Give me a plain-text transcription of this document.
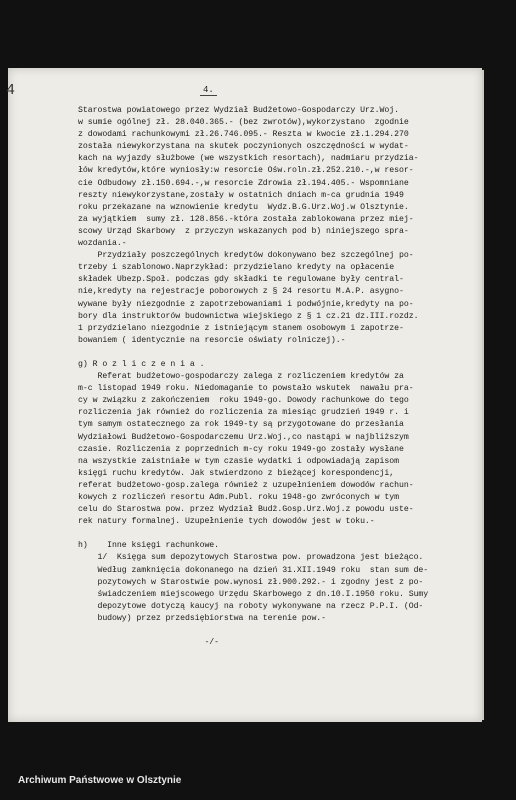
4	4.
Starostwa powiatowego przez Wydział Budżetowo-Gospodarczy Urz.Woj.
w sumie ogólnej zł. 28.040.365.- (bez zwrotów),wykorzystano  zgodnie
z dowodami rachunkowymi zł.26.746.095.- Reszta w kwocie zł.1.294.270
została niewykorzystana na skutek poczynionych oszczędności w wydat-
kach na wyjazdy służbowe (we wszystkich resortach), nadmiaru przydzia-
łów kredytów,które wyniosły:w resorcie Ośw.roln.zł.252.210.-,w resor-
cie Odbudowy zł.150.694.-,w resorcie Zdrowia zł.194.405.- Wspomniane
reszty niewykorzystane,zostały w ostatnich dniach m-ca grudnia 1949
roku przekazane na wznowienie kredytu  Wydz.B.G.Urz.Woj.w Olsztynie.
za wyjątkiem  sumy zł. 128.856.-która została zablokowana przez miej-
scowy Urząd Skarbowy  z przyczyn wskazanych pod b) niniejszego spra-
wozdania.-
Przydziały poszczególnych kredytów dokonywano bez szczególnej po-
trzeby i szablonowo.Naprzykład: przydzielano kredyty na opłacenie
składek Ubezp.Społ. podczas gdy składki te regulowane były central-
nie,kredyty na rejestracje poborowych z § 24 resortu M.A.P. asygno-
wywane były niezgodnie z zapotrzebowaniami i podwójnie,kredyty na po-
bory dla instruktorów budownictwa wiejskiego z § 1 cz.21 dz.III.rozdz.
1 przydzielano niezgodnie z istniejącym stanem osobowym i zapotrze-
bowaniem ( identycznie na resorcie oświaty rolniczej).-
g) R o z l i c z e n i a .
Referat budżetowo-gospodarczy zalega z rozliczeniem kredytów za
m-c listopad 1949 roku. Niedomaganie to powstało wskutek  nawału pra-
cy w związku z zakończeniem  roku 1949-go. Dowody rachunkowe do tego
rozliczenia jak również do rozliczenia za miesiąc grudzień 1949 r. i
tym samym ostatecznego za rok 1949-ty są przygotowane do przesłania
Wydziałowi Budżetowo-Gospodarczemu Urz.Woj.,co nastąpi w najbliższym
czasie. Rozliczenia z poprzednich m-cy roku 1949-go zostały wysłane
na wszystkie zaistniałe w tym czasie wydatki i odpowiadają zapisom
księgi ruchu kredytów. Jak stwierdzono z bieżącej korespondencji,
referat budżetowo-gosp.zalega również z uzupełnieniem dowodów rachun-
kowych z rozliczeń resortu Adm.Publ. roku 1948-go zwróconych w tym
celu do Starostwa pow. przez Wydział Budż.Gosp.Urz.Woj.z powodu uste-
rek natury formalnej. Uzupełnienie tych dowodów jest w toku.-
h)    Inne księgi rachunkowe.
1/  Księga sum depozytowych Starostwa pow. prowadzona jest bieżąco.
Według zamknięcia dokonanego na dzień 31.XII.1949 roku  stan sum de-
pozytowych w Starostwie pow.wynosi zł.900.292.- i zgodny jest z po-
świadczeniem miejscowego Urzędu Skarbowego z dn.10.I.1950 roku. Sumy
depozytowe dotyczą kaucyj na roboty wykonywane na rzecz P.P.I. (Od-
budowy) przez przedsiębiorstwa na terenie pow.-
-/-
Archiwum Państwowe w Olsztynie
